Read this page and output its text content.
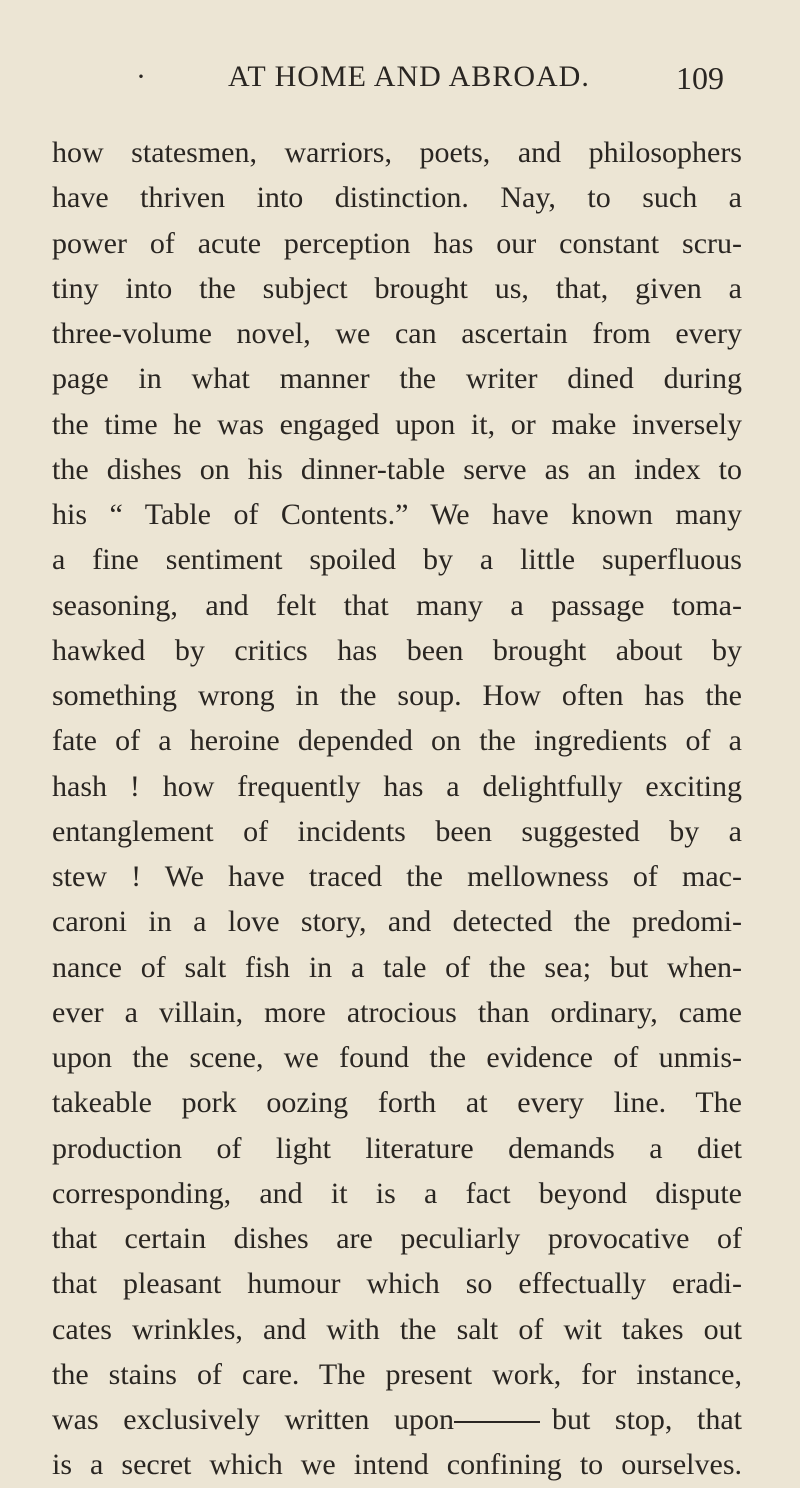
·	AT HOME AND ABROAD.	109
how statesmen, warriors, poets, and philosophers
have thriven into distinction. Nay, to such a
power of acute perception has our constant scru-
tiny into the subject brought us, that, given a
three-volume novel, we can ascertain from every
page in what manner the writer dined during
the time he was engaged upon it, or make inversely
the dishes on his dinner-table serve as an index to
his “ Table of Contents.” We have known many
a fine sentiment spoiled by a little superfluous
seasoning, and felt that many a passage toma-
hawked by critics has been brought about by
something wrong in the soup. How often has the
fate of a heroine depended on the ingredients of a
hash ! how frequently has a delightfully exciting
entanglement of incidents been suggested by a
stew ! We have traced the mellowness of mac-
caroni in a love story, and detected the predomi-
nance of salt fish in a tale of the sea; but when-
ever a villain, more atrocious than ordinary, came
upon the scene, we found the evidence of unmis-
takeable pork oozing forth at every line. The
production of light literature demands a diet
corresponding, and it is a fact beyond dispute
that certain dishes are peculiarly provocative of
that pleasant humour which so effectually eradi-
cates wrinkles, and with the salt of wit takes out
the stains of care. The present work, for instance,
was exclusively written upon	but stop, that
is a secret which we intend confining to ourselves.
